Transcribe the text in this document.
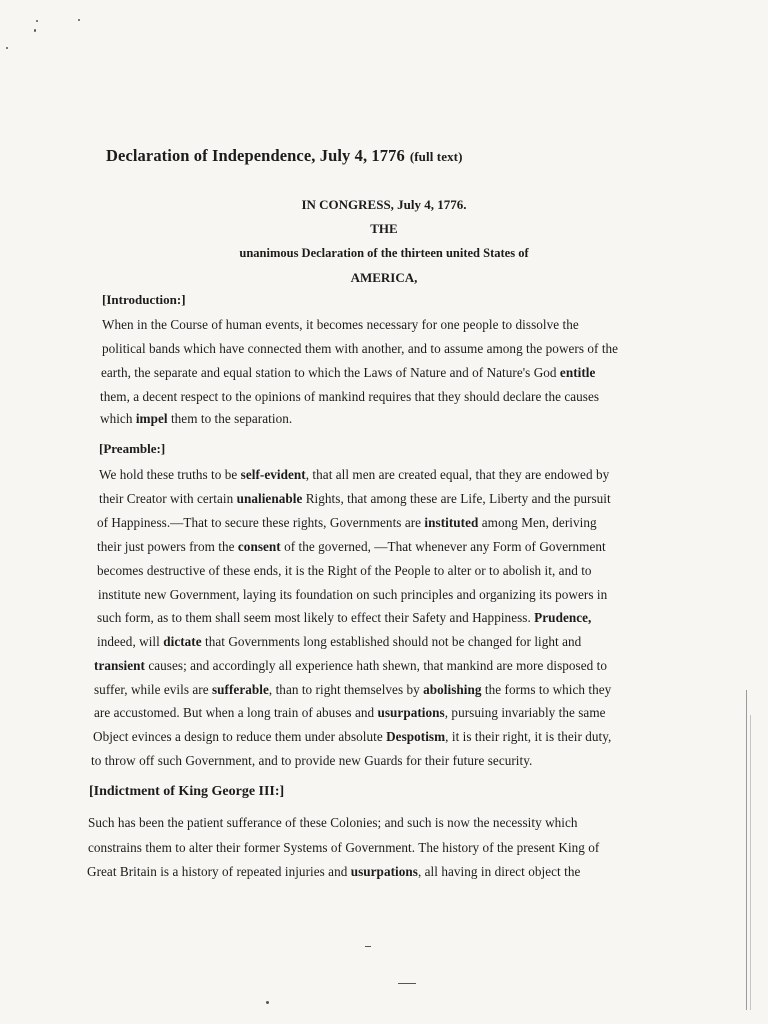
Declaration of Independence, July 4, 1776 (full text)
IN CONGRESS, July 4, 1776.
THE
unanimous Declaration of the thirteen united States of
AMERICA,
[Introduction:]
[Preamble:]
[Indictment of King George III:]
When in the Course of human events, it becomes necessary for one people to dissolve the
political bands which have connected them with another, and to assume among the powers of the
earth, the separate and equal station to which the Laws of Nature and of Nature's God entitle
them, a decent respect to the opinions of mankind requires that they should declare the causes
which impel them to the separation.
We hold these truths to be self-evident, that all men are created equal, that they are endowed by
their Creator with certain unalienable Rights, that among these are Life, Liberty and the pursuit
of Happiness.—That to secure these rights, Governments are instituted among Men, deriving
their just powers from the consent of the governed, —That whenever any Form of Government
becomes destructive of these ends, it is the Right of the People to alter or to abolish it, and to
institute new Government, laying its foundation on such principles and organizing its powers in
such form, as to them shall seem most likely to effect their Safety and Happiness. Prudence,
indeed, will dictate that Governments long established should not be changed for light and
transient causes; and accordingly all experience hath shewn, that mankind are more disposed to
suffer, while evils are sufferable, than to right themselves by abolishing the forms to which they
are accustomed. But when a long train of abuses and usurpations, pursuing invariably the same
Object evinces a design to reduce them under absolute Despotism, it is their right, it is their duty,
to throw off such Government, and to provide new Guards for their future security.
Such has been the patient sufferance of these Colonies; and such is now the necessity which
constrains them to alter their former Systems of Government. The history of the present King of
Great Britain is a history of repeated injuries and usurpations, all having in direct object the
